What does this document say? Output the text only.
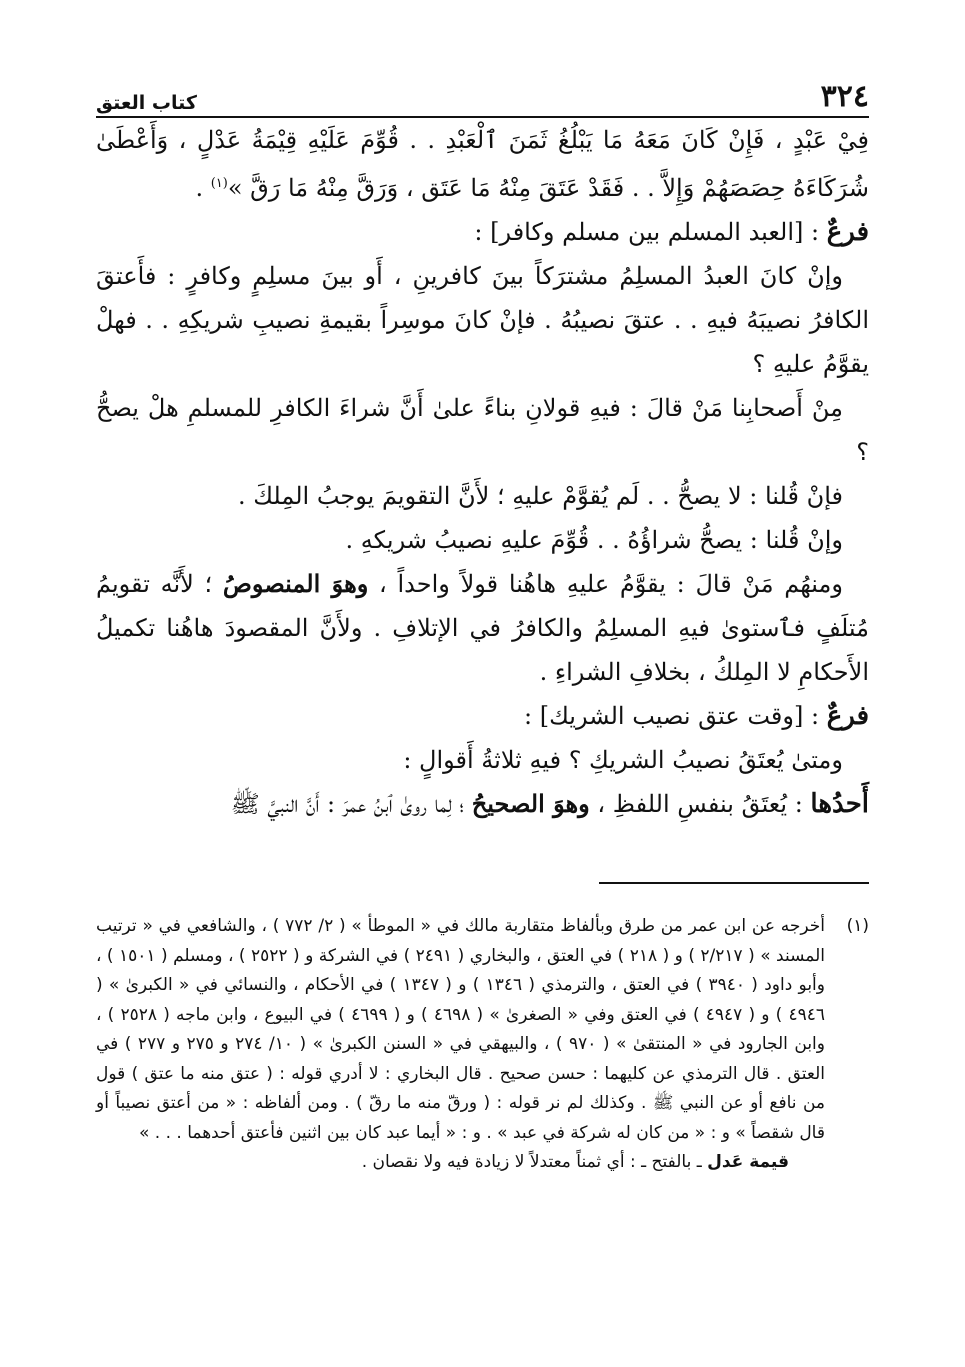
٣٢٤
كتاب العتق

فِيْ عَبْدٍ ، فَإِنْ كَانَ مَعَهُ مَا يَبْلُغُ ثَمَنَ ٱلْعَبْدِ . . قُوِّمَ عَلَيْهِ قِيْمَةُ عَدْلٍ ، وَأَعْطَىٰ شُرَكَاءَهُ حِصَصَهُمْ وَإِلاَّ . . فَقَدْ عَتَقَ مِنْهُ مَا عَتَق ، وَرَقَّ مِنْهُ مَا رَقَّ »$^{(١)}$ .

فرعٌ : [العبد المسلم بين مسلم وكافر] :

وإنْ كانَ العبدُ المسلِمُ مشترَكاً بينَ كافرينِ ، أَو بينَ مسلِمٍ وكافرٍ : فأَعتقَ الكافرُ نصيبَهُ فيهِ . . عتقَ نصيبُهُ . فإنْ كانَ موسِراً بقيمةِ نصيبِ شريكِهِ . . فهلْ يقوَّمُ عليهِ ؟

مِنْ أَصحابِنا مَنْ قالَ : فيهِ قولانِ بناءً علىٰ أَنَّ شراءَ الكافرِ للمسلمِ هلْ يصحُّ ؟

فإنْ قُلنا : لا يصحُّ . . لَم يُقوَّمْ عليهِ ؛ لأَنَّ التقويمَ يوجبُ المِلكَ .

وإنْ قُلنا : يصحُّ شراؤُهُ . . قُوِّمَ عليهِ نصيبُ شريكهِ .

ومنهُم مَنْ قالَ : يقوَّمُ عليهِ هاهُنا قولاً واحداً ، وهوَ المنصوصُ ؛ لأَنَّه تقويمُ مُتلَفٍ فٱستوىٰ فيهِ المسلِمُ والكافرُ في الإتلافِ . ولأَنَّ المقصودَ هاهُنا تكميلُ الأَحكامِ لا المِلكُ ، بخلافِ الشراءِ .

فرعٌ : [وقت عتق نصيب الشريك] :

ومتىٰ يُعتَقُ نصيبُ الشريكِ ؟ فيهِ ثلاثةُ أَقوالٍ :

أَحدُها : يُعتَقُ بنفسِ اللفظِ ، وهوَ الصحيحُ ؛ لِما روىٰ ٱبنُ عمرَ : أَنَّ النبيَّ ﷺ

(١)
أخرجه عن ابن عمر من طرق وبألفاظ متقاربة مالك في « الموطأ » ( ٢/ ٧٧٢ ) ، والشافعي في « ترتيب المسند » ( ٢/٢١٧ ) و ( ٢١٨ ) في العتق ، والبخاري ( ٢٤٩١ ) في الشركة و ( ٢٥٢٢ ) ، ومسلم ( ١٥٠١ ) ، وأبو داود ( ٣٩٤٠ ) في العتق ، والترمذي ( ١٣٤٦ ) و ( ١٣٤٧ ) في الأحكام ، والنسائي في « الكبرىٰ » ( ٤٩٤٦ ) و ( ٤٩٤٧ ) في العتق وفي « الصغرىٰ » ( ٤٦٩٨ ) و ( ٤٦٩٩ ) في البيوع ، وابن ماجه ( ٢٥٢٨ ) ، وابن الجارود في « المنتقىٰ » ( ٩٧٠ ) ، والبيهقي في « السنن الكبرىٰ » ( ١٠/ ٢٧٤ و ٢٧٥ و ٢٧٧ ) في العتق . قال الترمذي عن كليهما : حسن صحيح . قال البخاري : لا أدري قوله : ( عتق منه ما عتق ) قول من نافع أو عن النبي ﷺ . وكذلك لم نر قوله : ( ورقّ منه ما رقّ ) . ومن ألفاظه : « من أعتق نصيباً أو قال شقصاً » و : « من كان له شركة في عبد » . و : « أيما عبد كان بين اثنين فأعتق أحدهما . . . »
قيمة عَدل ـ بالفتح ـ : أي ثمناً معتدلاً لا زيادة فيه ولا نقصان .
